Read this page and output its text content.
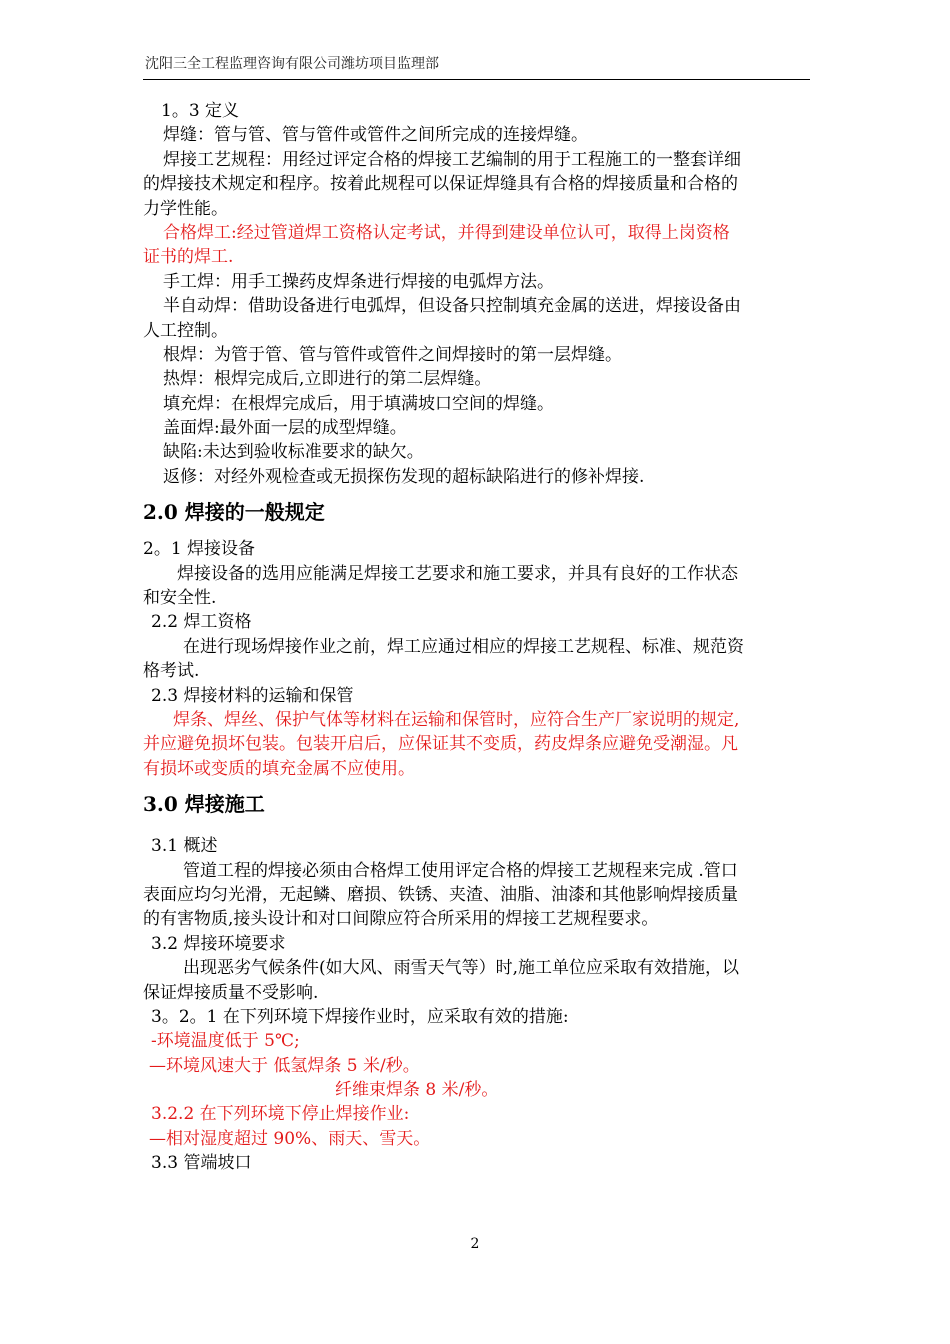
沈阳三全工程监理咨询有限公司潍坊项目监理部
1。3 定义
焊缝：管与管、管与管件或管件之间所完成的连接焊缝。
焊接工艺规程：用经过评定合格的焊接工艺编制的用于工程施工的一整套详细
的焊接技术规定和程序。按着此规程可以保证焊缝具有合格的焊接质量和合格的
力学性能。
合格焊工:经过管道焊工资格认定考试，并得到建设单位认可，取得上岗资格
证书的焊工.
手工焊：用手工操药皮焊条进行焊接的电弧焊方法。
半自动焊：借助设备进行电弧焊，但设备只控制填充金属的送进，焊接设备由
人工控制。
根焊：为管于管、管与管件或管件之间焊接时的第一层焊缝。
热焊：根焊完成后,立即进行的第二层焊缝。
填充焊：在根焊完成后，用于填满坡口空间的焊缝。
盖面焊:最外面一层的成型焊缝。
缺陷:未达到验收标准要求的缺欠。
返修：对经外观检查或无损探伤发现的超标缺陷进行的修补焊接.
2.0 焊接的一般规定
2。1 焊接设备
焊接设备的选用应能满足焊接工艺要求和施工要求，并具有良好的工作状态
和安全性.
2.2 焊工资格
在进行现场焊接作业之前，焊工应通过相应的焊接工艺规程、标准、规范资
格考试.
2.3 焊接材料的运输和保管
焊条、焊丝、保护气体等材料在运输和保管时，应符合生产厂家说明的规定,
并应避免损坏包装。包装开启后，应保证其不变质，药皮焊条应避免受潮湿。凡
有损坏或变质的填充金属不应使用。
3.0 焊接施工
3.1 概述
管道工程的焊接必须由合格焊工使用评定合格的焊接工艺规程来完成 .管口
表面应均匀光滑，无起鳞、磨损、铁锈、夹渣、油脂、油漆和其他影响焊接质量
的有害物质,接头设计和对口间隙应符合所采用的焊接工艺规程要求。
3.2 焊接环境要求
出现恶劣气候条件(如大风、雨雪天气等）时,施工单位应采取有效措施，以
保证焊接质量不受影响.
3。2。1 在下列环境下焊接作业时，应采取有效的措施:
-环境温度低于 5℃;
—环境风速大于 低氢焊条 5 米/秒。
纤维束焊条 8 米/秒。
3.2.2 在下列环境下停止焊接作业:
—相对湿度超过 90%、雨天、雪天。
3.3 管端坡口
2
